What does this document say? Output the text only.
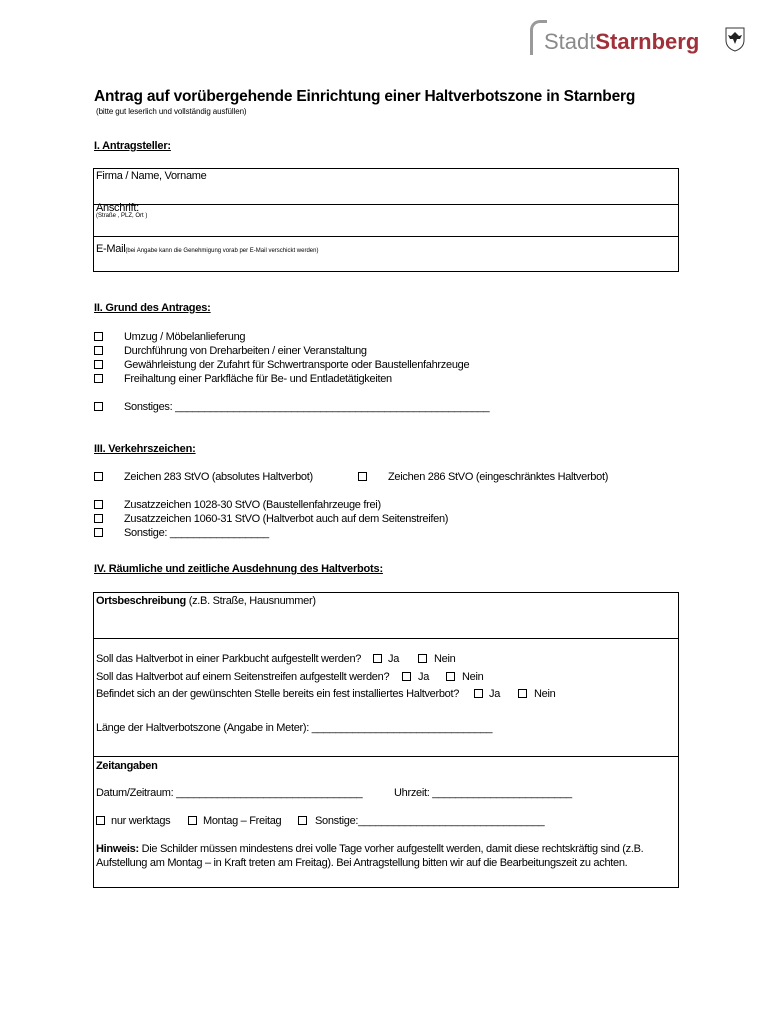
StadtStarnberg
Antrag auf vorübergehende Einrichtung einer Haltverbotszone in Starnberg
(bitte gut leserlich und vollständig ausfüllen)
I. Antragsteller:
Firma / Name, Vorname
Anschrift:
(Straße , PLZ, Ort )
E-Mail(bei Angabe kann die Genehmigung vorab per E-Mail verschickt werden)
II. Grund des Antrages:
Umzug / Möbelanlieferung
Durchführung von Dreharbeiten / einer Veranstaltung
Gewährleistung der Zufahrt für Schwertransporte oder Baustellenfahrzeuge
Freihaltung einer Parkfläche für Be- und Entladetätigkeiten
Sonstiges: ______________________________________________________
III. Verkehrszeichen:
Zeichen 283 StVO (absolutes Haltverbot)	Zeichen 286 StVO (eingeschränktes Haltverbot)
Zusatzzeichen 1028-30 StVO (Baustellenfahrzeuge frei)
Zusatzzeichen 1060-31 StVO (Haltverbot auch auf dem Seitenstreifen)
Sonstige: _________________
IV. Räumliche und zeitliche Ausdehnung des Haltverbots:
Ortsbeschreibung (z.B. Straße, Hausnummer)
Soll das Haltverbot in einer Parkbucht aufgestellt werden? Ja	Nein
Soll das Haltverbot auf einem Seitenstreifen aufgestellt werden?	Ja	Nein
Befindet sich an der gewünschten Stelle bereits ein fest installiertes Haltverbot?	Ja	Nein
Länge der Haltverbotszone (Angabe in Meter): _______________________________
Zeitangaben
Datum/Zeitraum: ________________________________	Uhrzeit: ________________________
nur werktags	Montag – Freitag	Sonstige:________________________________
Hinweis: Die Schilder müssen mindestens drei volle Tage vorher aufgestellt werden, damit diese rechtskräftig sind (z.B.
Aufstellung am Montag – in Kraft treten am Freitag). Bei Antragstellung bitten wir auf die Bearbeitungszeit zu achten.
